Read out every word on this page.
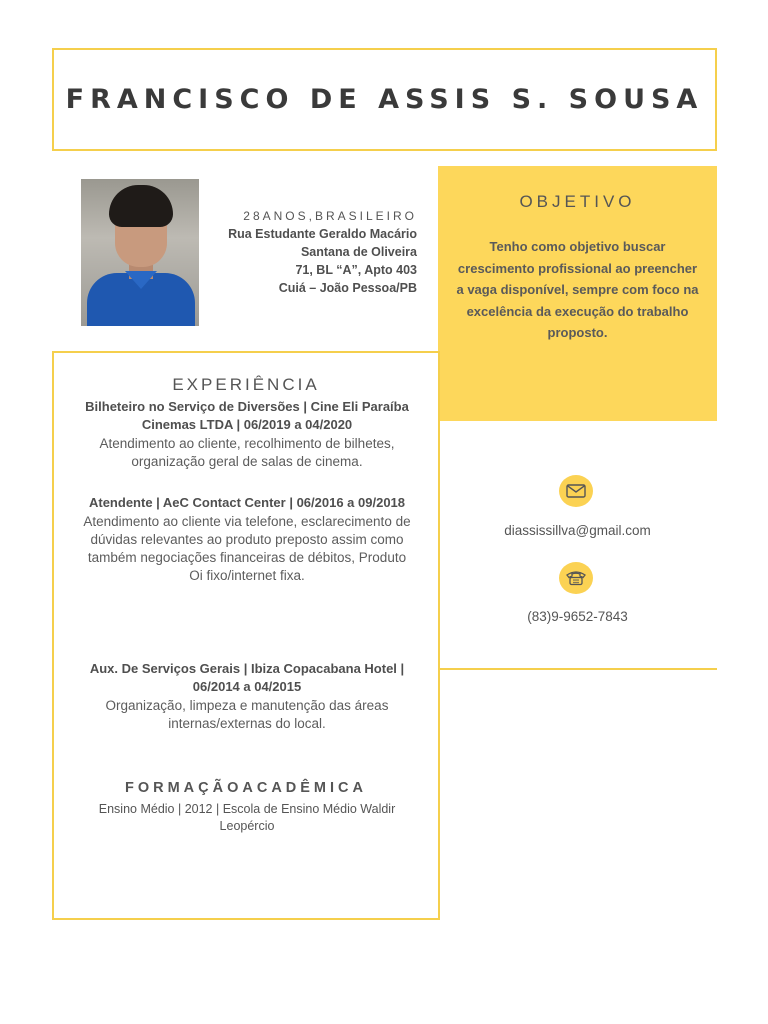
FRANCISCO DE ASSIS S. SOUSA
28ANOS,BRASILEIRO
Rua Estudante Geraldo Macário
Santana de Oliveira
71, BL “A”, Apto 403
Cuiá – João Pessoa/PB
OBJETIVO

Tenho como objetivo buscar crescimento profissional ao preencher a vaga disponível, sempre com foco na excelência da execução do trabalho proposto.

diassissillva@gmail.com
(83)9-9652-7843
EXPERIÊNCIA
Bilheteiro no Serviço de Diversões | Cine Eli Paraíba Cinemas LTDA | 06/2019 a 04/2020
Atendimento ao cliente, recolhimento de bilhetes, organização geral de salas de cinema.
Atendente | AeC Contact Center | 06/2016 a 09/2018
Atendimento ao cliente via telefone, esclarecimento de dúvidas relevantes ao produto preposto assim como também negociações financeiras de débitos, Produto Oi fixo/internet fixa.
Aux. De Serviços Gerais | Ibiza Copacabana Hotel | 06/2014 a 04/2015
Organização, limpeza e manutenção das áreas internas/externas do local.
FORMAÇÃOACADÊMICA
Ensino Médio | 2012 | Escola de Ensino Médio Waldir Leopércio
